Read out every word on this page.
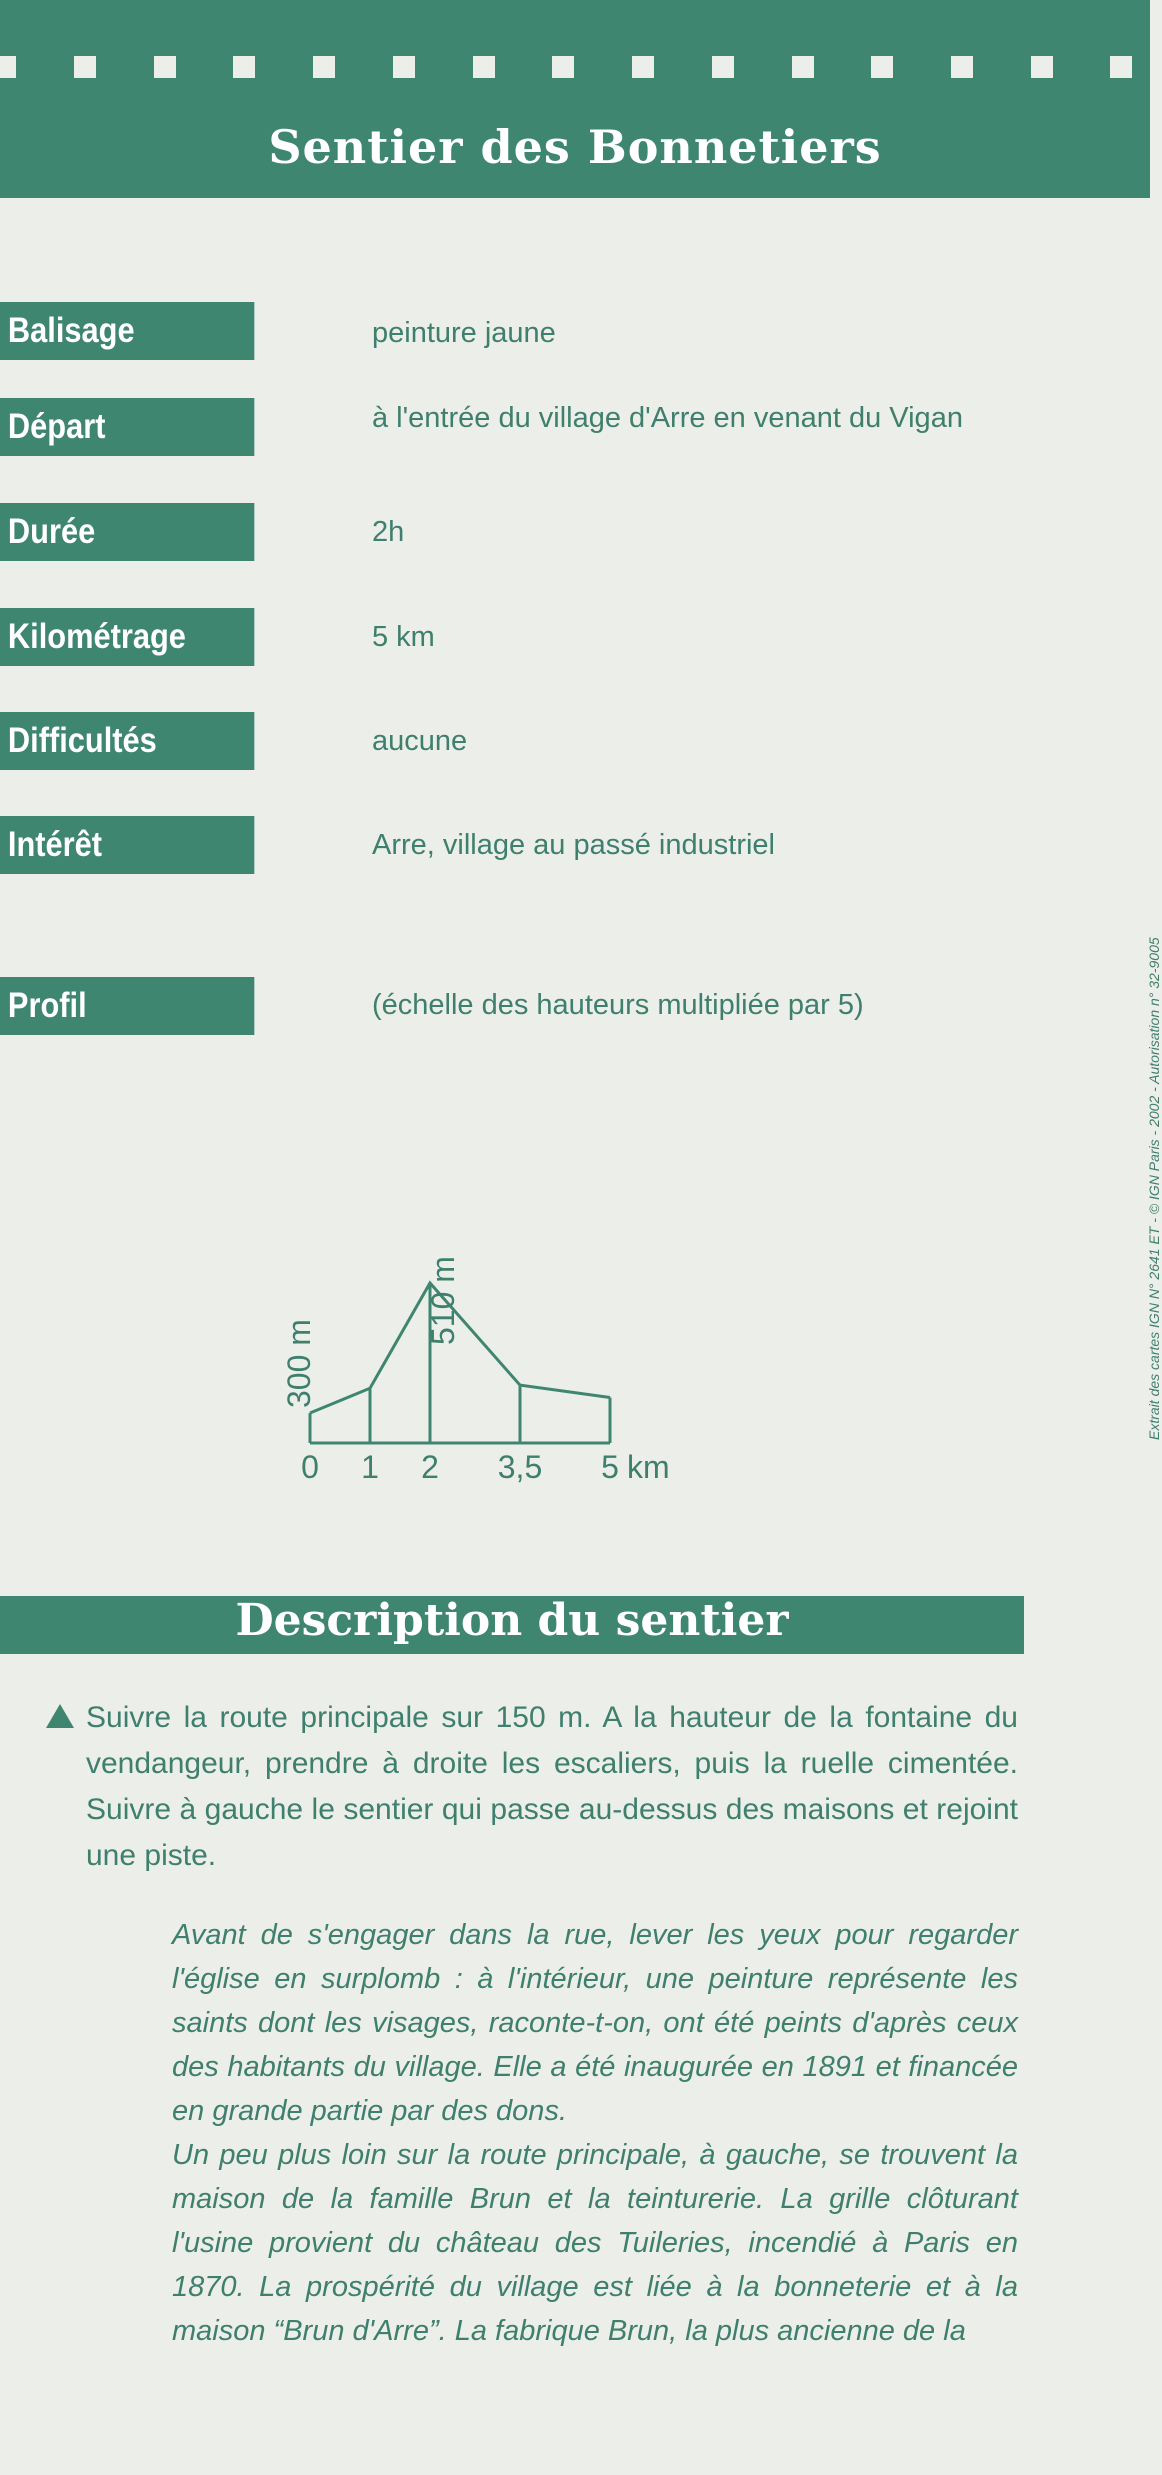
Sentier des Bonnetiers
Balisage	peinture jaune
Départ	à l'entrée du village d'Arre en venant du Vigan
Durée	2h
Kilométrage	5 km
Difficultés	aucune
Intérêt	Arre, village au passé industriel
Profil	(échelle des hauteurs multipliée par 5)
300 m
510 m
0 1 2 3,5 5 km
Description du sentier
Suivre la route principale sur 150 m. A la hauteur de la fontaine du vendangeur, prendre à droite les escaliers, puis la ruelle cimentée. Suivre à gauche le sentier qui passe au-dessus des maisons et rejoint une piste.

Avant de s'engager dans la rue, lever les yeux pour regarder l'église en surplomb : à l'intérieur, une peinture représente les saints dont les visages, raconte-t-on, ont été peints d'après ceux des habitants du village. Elle a été inaugurée en 1891 et financée en grande partie par des dons.

Un peu plus loin sur la route principale, à gauche, se trouvent la maison de la famille Brun et la teinturerie. La grille clôturant l'usine provient du château des Tuileries, incendié à Paris en 1870. La prospérité du village est liée à la bonneterie et à la maison “Brun d'Arre”. La fabrique Brun, la plus ancienne de la

Extrait des cartes IGN N° 2641 ET - © IGN Paris - 2002 - Autorisation n° 32-9005
